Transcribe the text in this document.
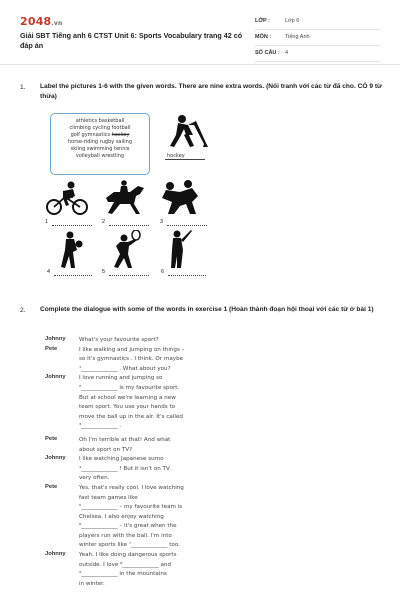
2048.vn
Giải SBT Tiếng anh 6 CTST Unit 6: Sports Vocabulary trang 42 có đáp án
LỚP :	Lớp 6
MÔN :	Tiếng Anh
SỐ CÂU : 4
1. Label the pictures 1-6 with the given words. There are nine extra words. (Nối tranh với các từ đã cho. CÓ 9 từ thừa)
athletics basketball
climbing cycling football
golf gymnastics hockey
horse-riding rugby sailing
skiing swimming tennis
volleyball wrestling	hockey
1	2	3
4	5	6
2. Complete the dialogue with some of the words in exercise 1 (Hoàn thành đoạn hội thoại với các từ ở bài 1)
Johnny What's your favourite sport?
Pete	I like walking and jumping on things –
so it's gymnastics . I think. Or maybe
¹_____________ . What about you?
Johnny I love running and jumping so
²_____________ is my favourite sport.
But at school we're learning a new
team sport. You use your hands to
move the ball up in the air. It's called
³_____________ .
Pete	Oh I'm terrible at that! And what
about sport on TV?
Johnny I like watching Japanese sumo
⁴_____________ ! But it isn't on TV
very often.
Pete	Yes, that's really cool. I love watching
fast team games like
⁵_____________ – my favourite team is
Chelsea. I also enjoy watching
⁶_____________ – it's great when the
players run with the ball. I'm into
winter sports like ⁷_____________ too.
Johnny Yeah. I like doing dangerous sports
outside. I love ⁸_____________ and
⁹_____________ in the mountains
in winter.
